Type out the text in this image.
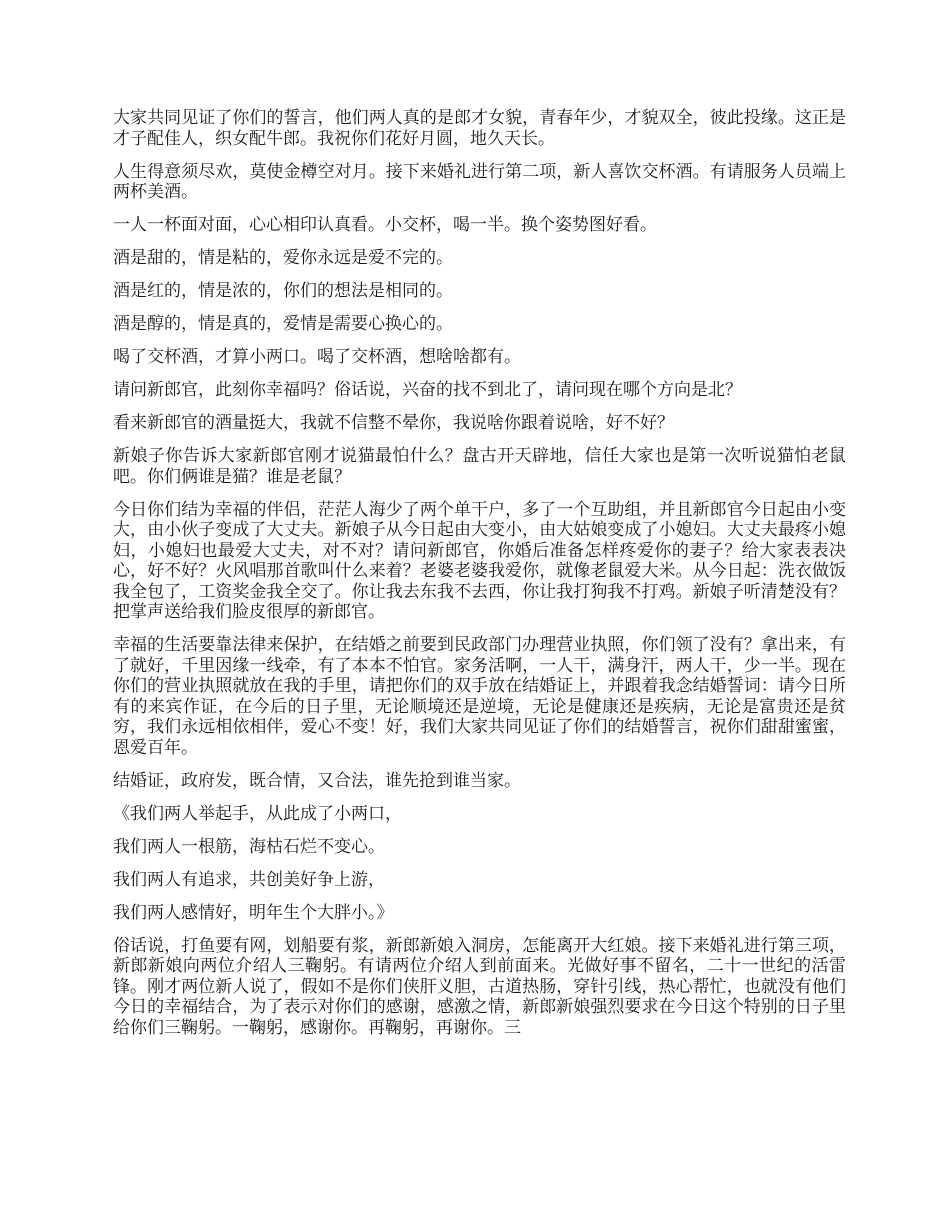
大家共同见证了你们的誓言，他们两人真的是郎才女貌，青春年少，才貌双全，彼此投缘。这正是才子配佳人，织女配牛郎。我祝你们花好月圆，地久天长。

人生得意须尽欢，莫使金樽空对月。接下来婚礼进行第二项，新人喜饮交杯酒。有请服务人员端上两杯美酒。

一人一杯面对面，心心相印认真看。小交杯，喝一半。换个姿势图好看。

酒是甜的，情是粘的，爱你永远是爱不完的。

酒是红的，情是浓的，你们的想法是相同的。

酒是醇的，情是真的，爱情是需要心换心的。

喝了交杯酒，才算小两口。喝了交杯酒，想啥啥都有。

请问新郎官，此刻你幸福吗？俗话说，兴奋的找不到北了，请问现在哪个方向是北？

看来新郎官的酒量挺大，我就不信整不晕你，我说啥你跟着说啥，好不好？

新娘子你告诉大家新郎官刚才说猫最怕什么？盘古开天辟地，信任大家也是第一次听说猫怕老鼠吧。你们俩谁是猫？谁是老鼠？

今日你们结为幸福的伴侣，茫茫人海少了两个单干户，多了一个互助组，并且新郎官今日起由小变大，由小伙子变成了大丈夫。新娘子从今日起由大变小，由大姑娘变成了小媳妇。大丈夫最疼小媳妇，小媳妇也最爱大丈夫，对不对？请问新郎官，你婚后准备怎样疼爱你的妻子？给大家表表决心，好不好？火风唱那首歌叫什么来着？老婆老婆我爱你，就像老鼠爱大米。从今日起：洗衣做饭我全包了，工资奖金我全交了。你让我去东我不去西，你让我打狗我不打鸡。新娘子听清楚没有？把掌声送给我们脸皮很厚的新郎官。

幸福的生活要靠法律来保护，在结婚之前要到民政部门办理营业执照，你们领了没有？拿出来，有了就好，千里因缘一线牵，有了本本不怕官。家务活啊，一人干，满身汗，两人干，少一半。现在你们的营业执照就放在我的手里，请把你们的双手放在结婚证上，并跟着我念结婚誓词：请今日所有的来宾作证，在今后的日子里，无论顺境还是逆境，无论是健康还是疾病，无论是富贵还是贫穷，我们永远相依相伴，爱心不变！好，我们大家共同见证了你们的结婚誓言，祝你们甜甜蜜蜜，恩爱百年。

结婚证，政府发，既合情，又合法，谁先抢到谁当家。

《我们两人举起手，从此成了小两口，

我们两人一根筋，海枯石烂不变心。

我们两人有追求，共创美好争上游，

我们两人感情好，明年生个大胖小。》

俗话说，打鱼要有网，划船要有浆，新郎新娘入洞房，怎能离开大红娘。接下来婚礼进行第三项，新郎新娘向两位介绍人三鞠躬。有请两位介绍人到前面来。光做好事不留名，二十一世纪的活雷锋。刚才两位新人说了，假如不是你们侠肝义胆，古道热肠，穿针引线，热心帮忙，也就没有他们今日的幸福结合，为了表示对你们的感谢，感激之情，新郎新娘强烈要求在今日这个特别的日子里给你们三鞠躬。一鞠躬，感谢你。再鞠躬，再谢你。三
